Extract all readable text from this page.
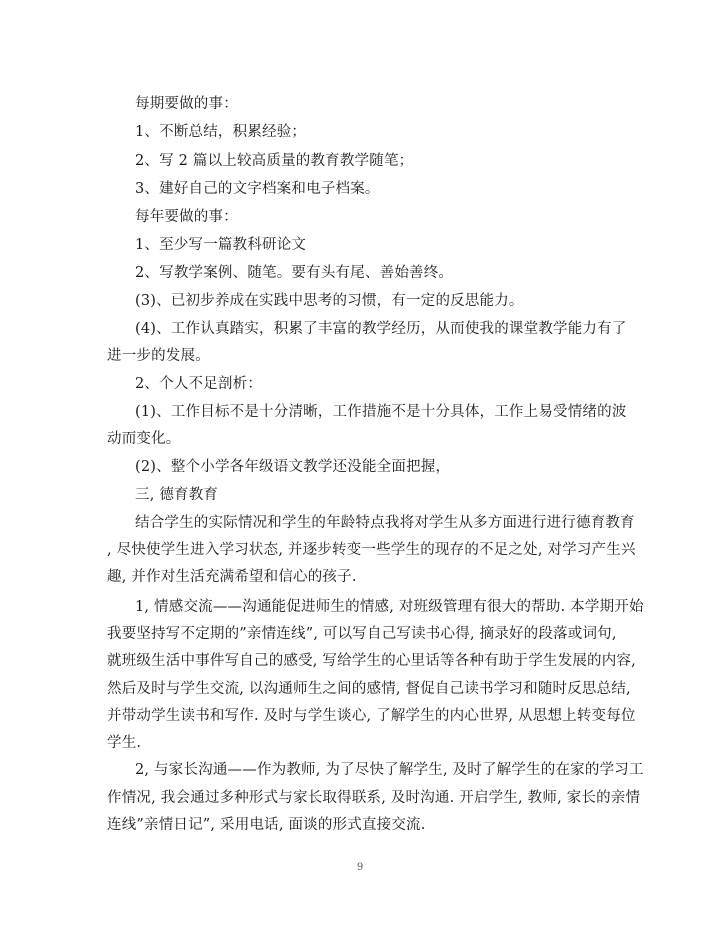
每期要做的事：
1、不断总结，积累经验；
2、写 2 篇以上较高质量的教育教学随笔；
3、建好自己的文字档案和电子档案。
每年要做的事：
1、至少写一篇教科研论文
2、写教学案例、随笔。要有头有尾、善始善终。
(3)、已初步养成在实践中思考的习惯，有一定的反思能力。
(4)、工作认真踏实，积累了丰富的教学经历，从而使我的课堂教学能力有了
进一步的发展。
2、个人不足剖析：
(1)、工作目标不是十分清晰，工作措施不是十分具体，工作上易受情绪的波
动而变化。
(2)、整个小学各年级语文教学还没能全面把握，
三, 德育教育
结合学生的实际情况和学生的年龄特点我将对学生从多方面进行进行德育教育
, 尽快使学生进入学习状态, 并逐步转变一些学生的现存的不足之处, 对学习产生兴
趣, 并作对生活充满希望和信心的孩子.
1, 情感交流——沟通能促进师生的情感, 对班级管理有很大的帮助. 本学期开始
我要坚持写不定期的”亲情连线”, 可以写自己写读书心得, 摘录好的段落或词句,
就班级生活中事件写自己的感受, 写给学生的心里话等各种有助于学生发展的内容,
然后及时与学生交流, 以沟通师生之间的感情, 督促自己读书学习和随时反思总结,
并带动学生读书和写作. 及时与学生谈心, 了解学生的内心世界, 从思想上转变每位
学生.
2, 与家长沟通——作为教师, 为了尽快了解学生, 及时了解学生的在家的学习工
作情况, 我会通过多种形式与家长取得联系, 及时沟通. 开启学生, 教师, 家长的亲情
连线”亲情日记”, 采用电话, 面谈的形式直接交流.
9
